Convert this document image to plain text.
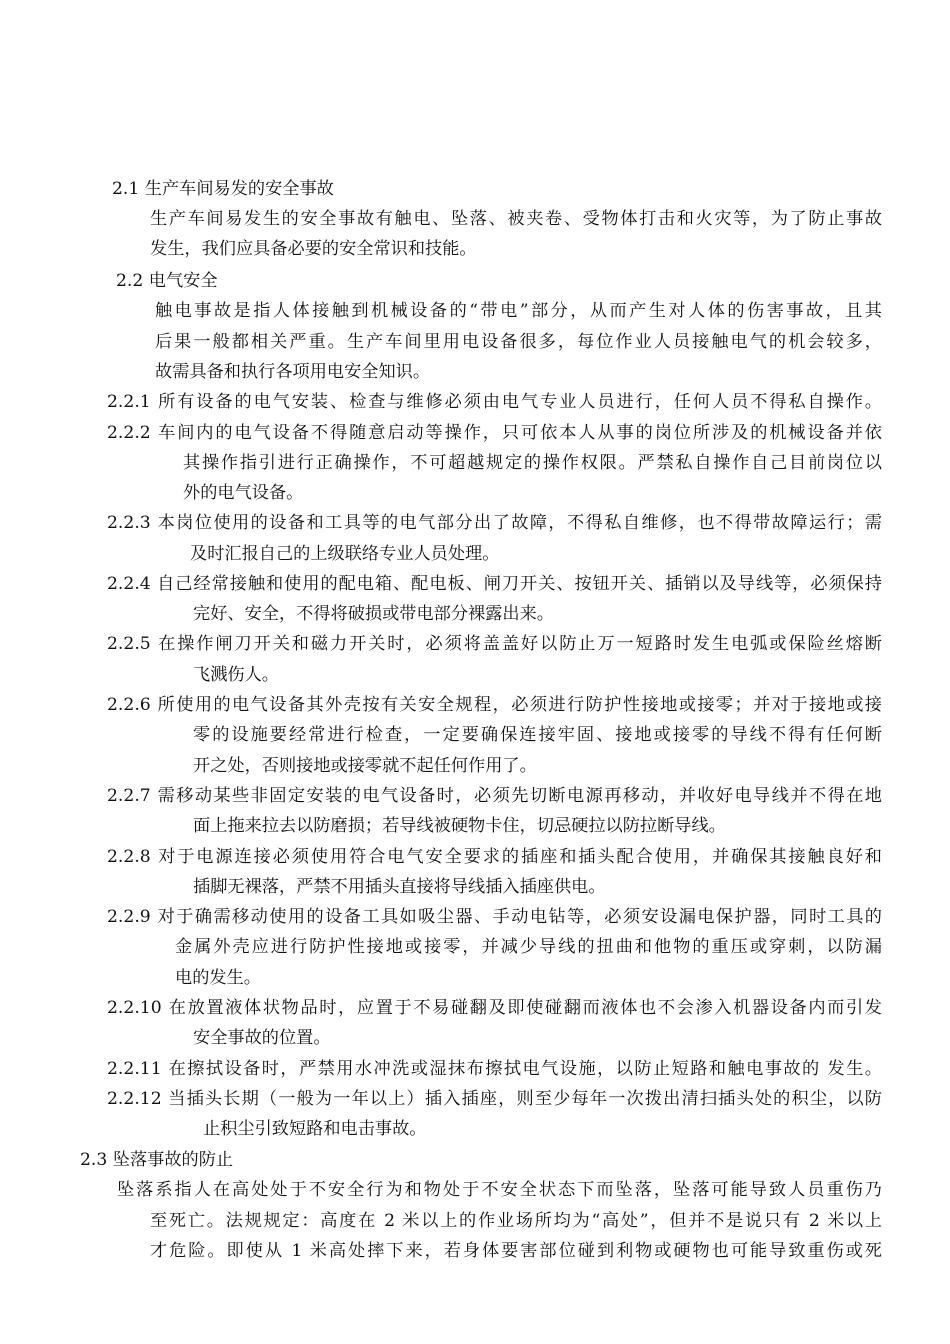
2.1 生产车间易发的安全事故
生产车间易发生的安全事故有触电、坠落、被夹卷、受物体打击和火灾等，为了防止事故
发生，我们应具备必要的安全常识和技能。
2.2 电气安全
触电事故是指人体接触到机械设备的“带电”部分，从而产生对人体的伤害事故，且其
后果一般都相关严重。生产车间里用电设备很多，每位作业人员接触电气的机会较多，
故需具备和执行各项用电安全知识。
2.2.1 所有设备的电气安装、检查与维修必须由电气专业人员进行，任何人员不得私自操作。
2.2.2 车间内的电气设备不得随意启动等操作，只可依本人从事的岗位所涉及的机械设备并依
其操作指引进行正确操作，不可超越规定的操作权限。严禁私自操作自己目前岗位以
外的电气设备。
2.2.3 本岗位使用的设备和工具等的电气部分出了故障，不得私自维修，也不得带故障运行；需
及时汇报自己的上级联络专业人员处理。
2.2.4 自己经常接触和使用的配电箱、配电板、闸刀开关、按钮开关、插销以及导线等，必须保持
完好、安全，不得将破损或带电部分裸露出来。
2.2.5 在操作闸刀开关和磁力开关时，必须将盖盖好以防止万一短路时发生电弧或保险丝熔断
飞溅伤人。
2.2.6 所使用的电气设备其外壳按有关安全规程，必须进行防护性接地或接零；并对于接地或接
零的设施要经常进行检查，一定要确保连接牢固、接地或接零的导线不得有任何断
开之处，否则接地或接零就不起任何作用了。
2.2.7 需移动某些非固定安装的电气设备时，必须先切断电源再移动，并收好电导线并不得在地
面上拖来拉去以防磨损；若导线被硬物卡住，切忌硬拉以防拉断导线。
2.2.8 对于电源连接必须使用符合电气安全要求的插座和插头配合使用，并确保其接触良好和
插脚无裸落，严禁不用插头直接将导线插入插座供电。
2.2.9 对于确需移动使用的设备工具如吸尘器、手动电钻等，必须安设漏电保护器，同时工具的
金属外壳应进行防护性接地或接零，并减少导线的扭曲和他物的重压或穿刺，以防漏
电的发生。
2.2.10 在放置液体状物品时，应置于不易碰翻及即使碰翻而液体也不会渗入机器设备内而引发
安全事故的位置。
2.2.11 在擦拭设备时，严禁用水冲洗或湿抹布擦拭电气设施，以防止短路和触电事故的 发生。
2.2.12 当插头长期（一般为一年以上）插入插座，则至少每年一次拨出清扫插头处的积尘，以防
止积尘引致短路和电击事故。
2.3 坠落事故的防止
坠落系指人在高处处于不安全行为和物处于不安全状态下而坠落，坠落可能导致人员重伤乃
至死亡。法规规定：高度在 2 米以上的作业场所均为“高处”，但并不是说只有 2 米以上
才危险。即使从 1 米高处摔下来，若身体要害部位碰到利物或硬物也可能导致重伤或死
